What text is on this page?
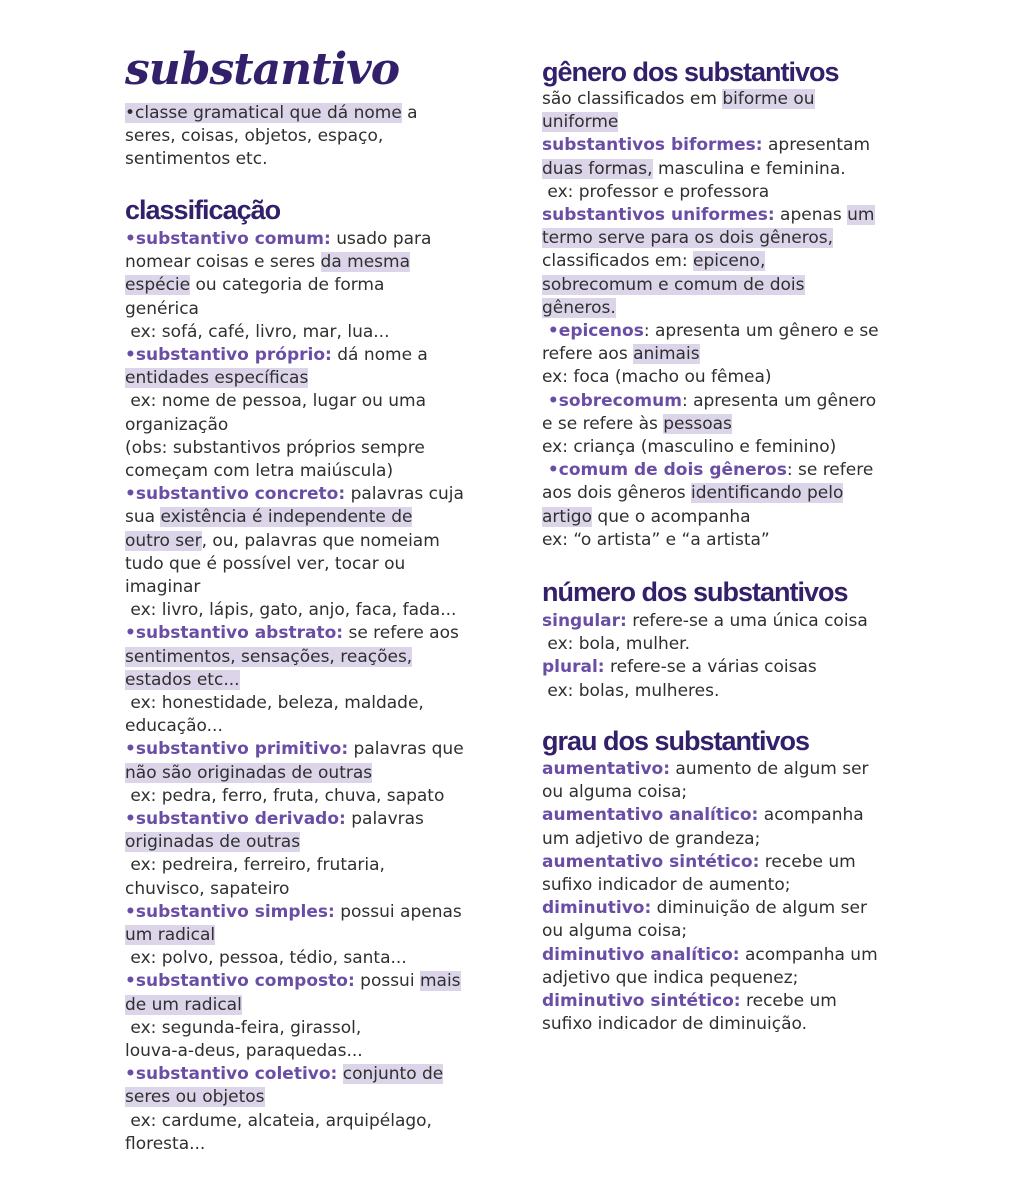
substantivo
classificação
•classe gramatical que dá nome a
seres, coisas, objetos, espaço,
sentimentos etc.
•substantivo comum: usado para
nomear coisas e seres da mesma
espécie ou categoria de forma
genérica
ex: sofá, café, livro, mar, lua...
•substantivo próprio: dá nome a
entidades específicas
ex: nome de pessoa, lugar ou uma
organização
(obs: substantivos próprios sempre
começam com letra maiúscula)
•substantivo concreto: palavras cuja
sua existência é independente de
outro ser, ou, palavras que nomeiam
tudo que é possível ver, tocar ou
imaginar
ex: livro, lápis, gato, anjo, faca, fada...
•substantivo abstrato: se refere aos
sentimentos, sensações, reações,
estados etc...
ex: honestidade, beleza, maldade,
educação...
•substantivo primitivo: palavras que
não são originadas de outras
ex: pedra, ferro, fruta, chuva, sapato
•substantivo derivado: palavras
originadas de outras
ex: pedreira, ferreiro, frutaria,
chuvisco, sapateiro
•substantivo simples: possui apenas
um radical
ex: polvo, pessoa, tédio, santa...
•substantivo composto: possui mais
de um radical
ex: segunda-feira, girassol,
louva-a-deus, paraquedas...
•substantivo coletivo: conjunto de
seres ou objetos
ex: cardume, alcateia, arquipélago,
floresta...
gênero dos substantivos
número dos substantivos
grau dos substantivos
são classificados em biforme ou
uniforme
substantivos biformes: apresentam
duas formas, masculina e feminina.
ex: professor e professora
substantivos uniformes: apenas um
termo serve para os dois gêneros,
classificados em: epiceno,
sobrecomum e comum de dois
gêneros.
•epicenos: apresenta um gênero e se
refere aos animais
ex: foca (macho ou fêmea)
•sobrecomum: apresenta um gênero
e se refere às pessoas
ex: criança (masculino e feminino)
•comum de dois gêneros: se refere
aos dois gêneros identificando pelo
artigo que o acompanha
ex: “o artista” e “a artista”
singular: refere-se a uma única coisa
ex: bola, mulher.
plural: refere-se a várias coisas
ex: bolas, mulheres.
aumentativo: aumento de algum ser
ou alguma coisa;
aumentativo analítico: acompanha
um adjetivo de grandeza;
aumentativo sintético: recebe um
sufixo indicador de aumento;
diminutivo: diminuição de algum ser
ou alguma coisa;
diminutivo analítico: acompanha um
adjetivo que indica pequenez;
diminutivo sintético: recebe um
sufixo indicador de diminuição.
